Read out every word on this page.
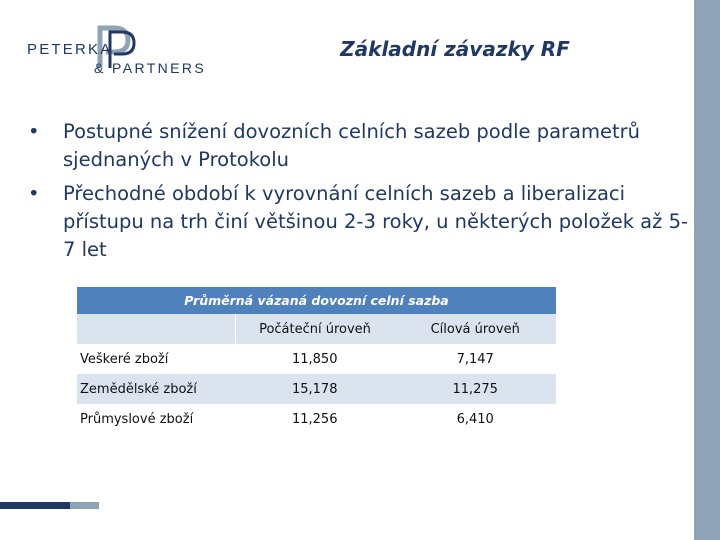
PETERKA
& PARTNERS
Základní závazky RF
• Postupné snížení dovozních celních sazeb podle parametrů sjednaných v Protokolu
• Přechodné období k vyrovnání celních sazeb a liberalizaci přístupu na trh činí většinou 2-3 roky, u některých položek až 5-7 let
Průměrná vázaná dovozní celní sazba		
	Počáteční úroveň	Cílová úroveň
Veškeré zboží	11,850	7,147
Zemědělské zboží	15,178	11,275
Průmyslové zboží	11,256	6,410
